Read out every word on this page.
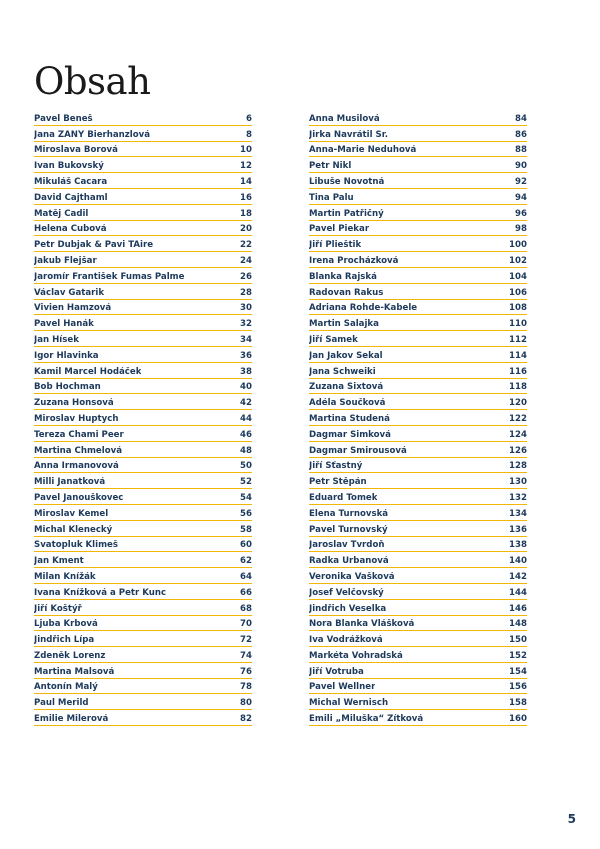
Obsah
Pavel Beneš	6
Jana ŽANY Bierhanzlová	8
Miroslava Borová	10
Ivan Bukovský	12
Mikuláš Cacara	14
David Cajthaml	16
Matěj Čadil	18
Helena Čubová	20
Petr Dubjak & Pavi TAire	22
Jakub Flejšar	24
Jaromír František Fumas Palme	26
Václav Gatarik	28
Vivien Hamzová	30
Pavel Hanák	32
Jan Hísek	34
Igor Hlavinka	36
Kamil Marcel Hodáček	38
Bob Hochman	40
Zuzana Honsová	42
Miroslav Huptych	44
Tereza Chami Peer	46
Martina Chmelová	48
Anna Irmanovová	50
Milli Janatková	52
Pavel Janouškovec	54
Miroslav Kemel	56
Michal Klenecký	58
Svatopluk Klimeš	60
Jan Kment	62
Milan Knížák	64
Ivana Knížková a Petr Kunc	66
Jiří Koštýř	68
Ljuba Krbová	70
Jindřich Lípa	72
Zdeněk Lorenz	74
Martina Malsová	76
Antonín Malý	78
Paul Merild	80
Emilie Milerová	82
Anna Musilová	84
Jirka Navrátil Sr.	86
Anna-Marie Neduhová	88
Petr Nikl	90
Libuše Novotná	92
Tina Palu	94
Martin Patřičný	96
Pavel Piekar	98
Jiří Plieštik	100
Irena Procházková	102
Blanka Rajská	104
Radovan Rakus	106
Adriana Rohde-Kabele	108
Martin Salajka	110
Jiří Samek	112
Jan Jakov Sekal	114
Jana Schweiki	116
Zuzana Sixtová	118
Adéla Součková	120
Martina Studená	122
Dagmar Šimková	124
Dagmar Šmirousová	126
Jiří Šťastný	128
Petr Štěpán	130
Eduard Tomek	132
Elena Turnovská	134
Pavel Turnovský	136
Jaroslav Tvrdoň	138
Radka Urbanová	140
Veronika Vašková	142
Josef Velčovský	144
Jindřich Veselka	146
Nora Blanka Vlášková	148
Iva Vodrážková	150
Markéta Vohradská	152
Jiří Votruba	154
Pavel Wellner	156
Michal Wernisch	158
Emili „Miluška“ Zítková	160
5
